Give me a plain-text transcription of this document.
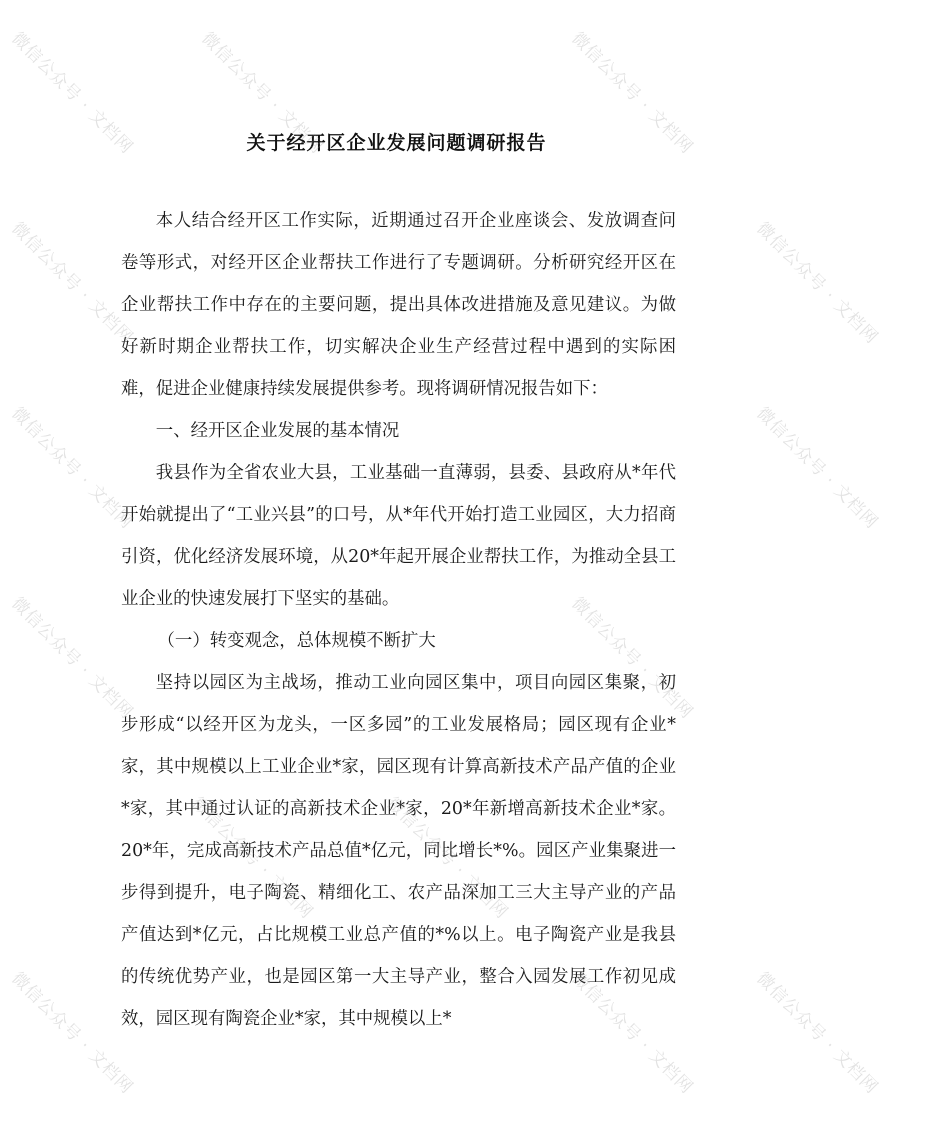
关于经开区企业发展问题调研报告

本人结合经开区工作实际，近期通过召开企业座谈会、发放调查问卷等形式，对经开区企业帮扶工作进行了专题调研。分析研究经开区在企业帮扶工作中存在的主要问题，提出具体改进措施及意见建议。为做好新时期企业帮扶工作，切实解决企业生产经营过程中遇到的实际困难，促进企业健康持续发展提供参考。现将调研情况报告如下：

一、经开区企业发展的基本情况

我县作为全省农业大县，工业基础一直薄弱，县委、县政府从*年代开始就提出了“工业兴县”的口号，从*年代开始打造工业园区，大力招商引资，优化经济发展环境，从20*年起开展企业帮扶工作，为推动全县工业企业的快速发展打下坚实的基础。

（一）转变观念，总体规模不断扩大

坚持以园区为主战场，推动工业向园区集中，项目向园区集聚，初步形成“以经开区为龙头，一区多园”的工业发展格局；园区现有企业*家，其中规模以上工业企业*家，园区现有计算高新技术产品产值的企业*家，其中通过认证的高新技术企业*家，20*年新增高新技术企业*家。20*年，完成高新技术产品总值*亿元，同比增长*%。园区产业集聚进一步得到提升，电子陶瓷、精细化工、农产品深加工三大主导产业的产品产值达到*亿元，占比规模工业总产值的*%以上。电子陶瓷产业是我县的传统优势产业，也是园区第一大主导产业，整合入园发展工作初见成效，园区现有陶瓷企业*家，其中规模以上*

微信公众号 · 文档网	微信公众号 · 文档网	微信公众号 · 文档网
微信公众号 · 文档网	微信公众号 · 文档网
微信公众号 · 文档网	微信公众号 · 文档网
微信公众号 · 文档网	微信公众号 · 文档网
微信公众号 · 文档网	微信公众号 · 文档网
微信公众号 · 文档网	微信公众号 · 文档网	微信公众号 · 文档网
